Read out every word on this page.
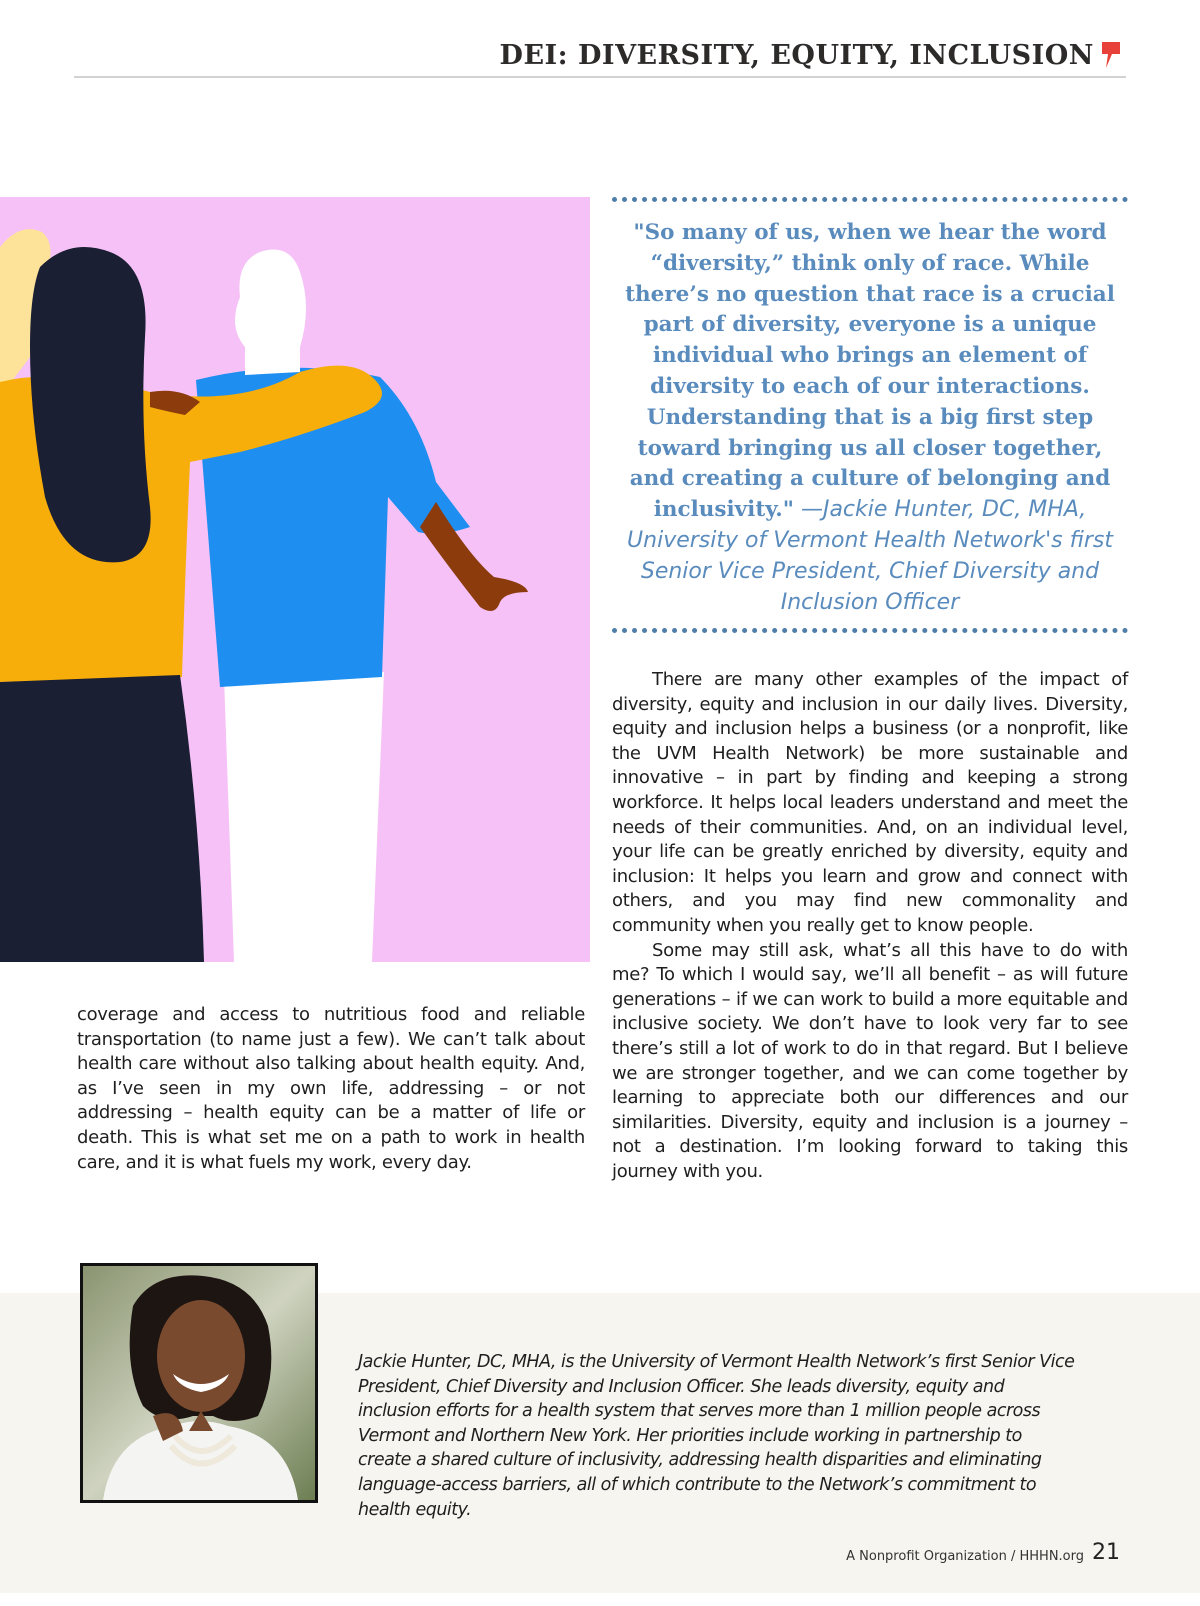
DEI: DIVERSITY, EQUITY, INCLUSION
"So many of us, when we hear the word “diversity,” think only of race. While there’s no question that race is a crucial part of diversity, everyone is a unique individual who brings an element of diversity to each of our interactions. Understanding that is a big first step toward bringing us all closer together, and creating a culture of belonging and inclusivity." —Jackie Hunter, DC, MHA, University of Vermont Health Network's first Senior Vice President, Chief Diversity and Inclusion Officer

coverage and access to nutritious food and reliable transportation (to name just a few). We can’t talk about health care without also talking about health equity. And, as I’ve seen in my own life, addressing – or not addressing – health equity can be a matter of life or death. This is what set me on a path to work in health care, and it is what fuels my work, every day.

There are many other examples of the impact of diversity, equity and inclusion in our daily lives. Diversity, equity and inclusion helps a business (or a nonprofit, like the UVM Health Network) be more sustainable and innovative – in part by finding and keeping a strong workforce. It helps local leaders understand and meet the needs of their communities. And, on an individual level, your life can be greatly enriched by diversity, equity and inclusion: It helps you learn and grow and connect with others, and you may find new commonality and community when you really get to know people.

Some may still ask, what’s all this have to do with me? To which I would say, we’ll all benefit – as will future generations – if we can work to build a more equitable and inclusive society. We don’t have to look very far to see there’s still a lot of work to do in that regard. But I believe we are stronger together, and we can come together by learning to appreciate both our differences and our similarities. Diversity, equity and inclusion is a journey – not a destination. I’m looking forward to taking this journey with you.

Jackie Hunter, DC, MHA, is the University of Vermont Health Network’s first Senior Vice President, Chief Diversity and Inclusion Officer. She leads diversity, equity and inclusion efforts for a health system that serves more than 1 million people across Vermont and Northern New York. Her priorities include working in partnership to create a shared culture of inclusivity, addressing health disparities and eliminating language-access barriers, all of which contribute to the Network’s commitment to health equity.
A Nonprofit Organization / HHHN.org 21
